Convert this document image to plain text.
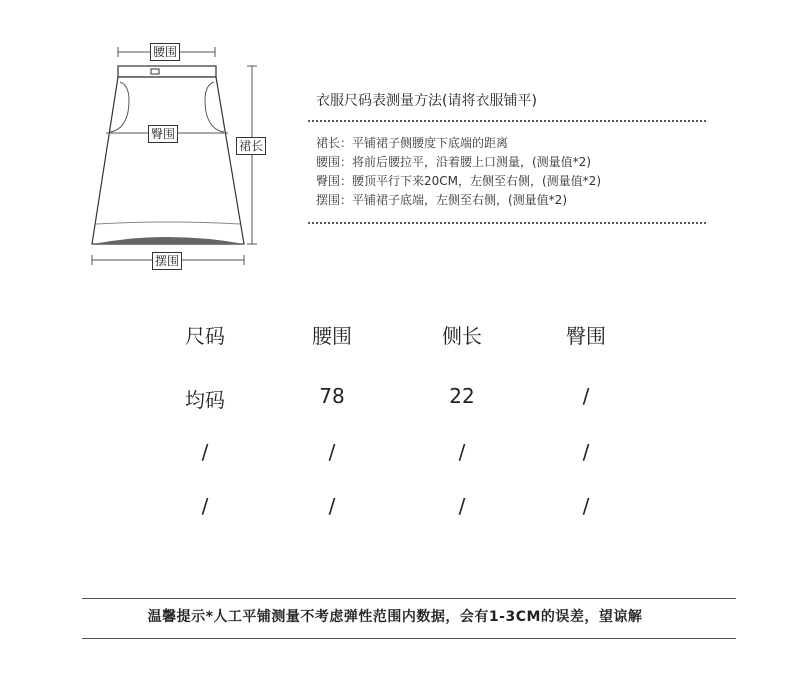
腰围
臀围
裙长
摆围
衣服尺码表测量方法(请将衣服铺平)
裙长：平铺裙子侧腰度下底端的距离
腰围：将前后腰拉平，沿着腰上口测量，(测量值*2)
臀围：腰顶平行下来20CM，左侧至右侧，(测量值*2)
摆围：平铺裙子底端，左侧至右侧，(测量值*2)
尺码	腰围	侧长	臀围
均码	78	22	/
/	/	/	/
/	/	/	/
温馨提示*人工平铺测量不考虑弹性范围内数据，会有1-3CM的误差，望谅解
